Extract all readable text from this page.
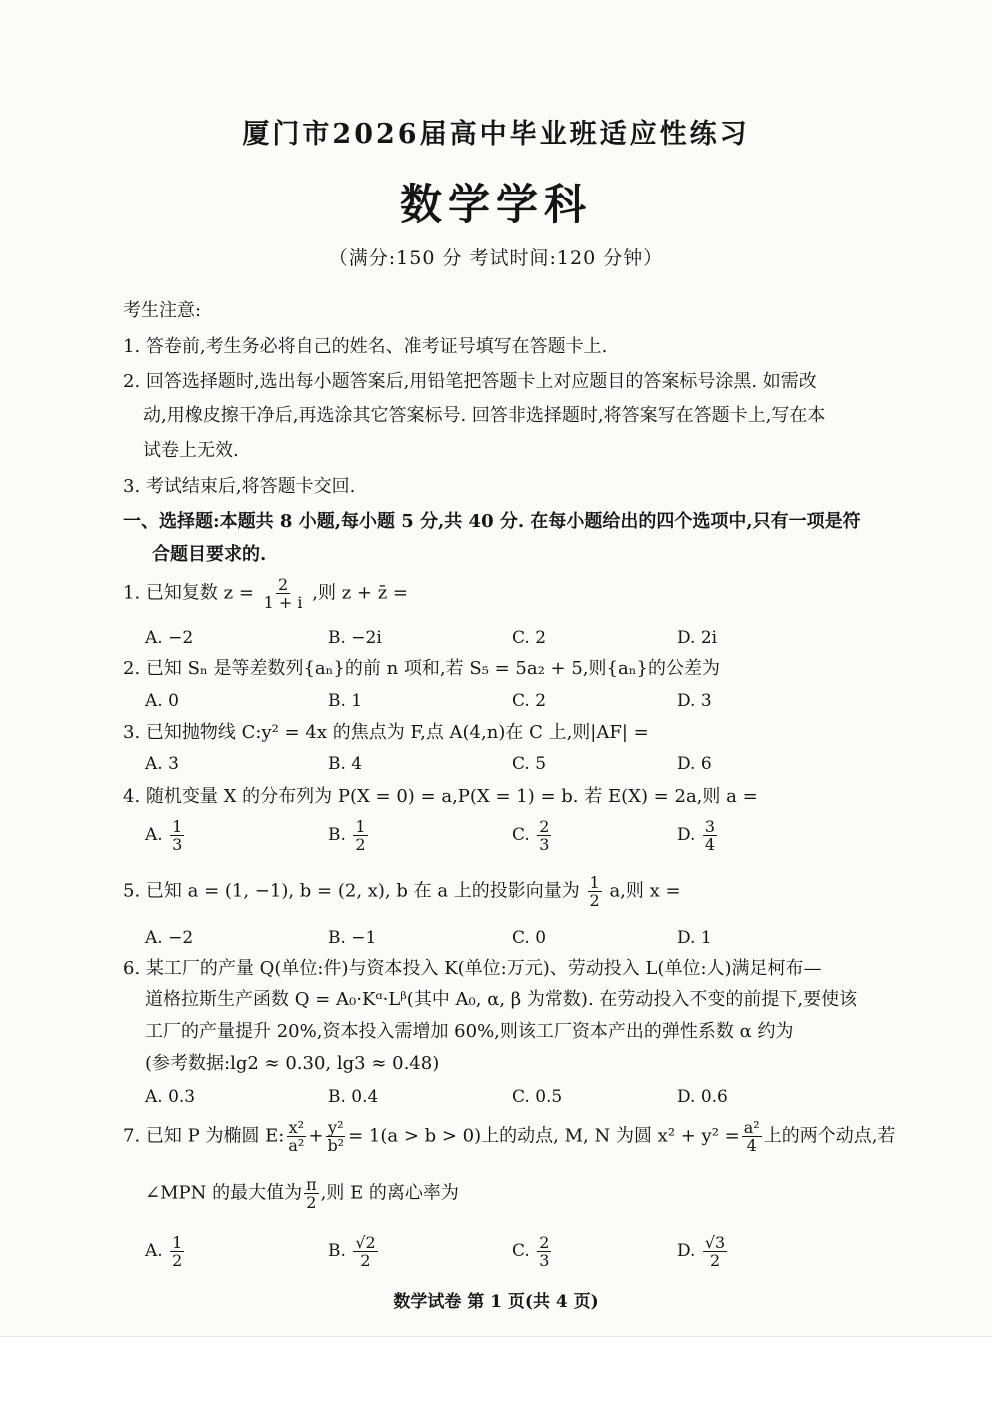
厦门市2026届高中毕业班适应性练习
数学学科
（满分:150 分 考试时间:120 分钟）
考生注意:
1. 答卷前,考生务必将自己的姓名、准考证号填写在答题卡上.
2. 回答选择题时,选出每小题答案后,用铅笔把答题卡上对应题目的答案标号涂黑. 如需改
动,用橡皮擦干净后,再选涂其它答案标号. 回答非选择题时,将答案写在答题卡上,写在本
试卷上无效.
3. 考试结束后,将答题卡交回.
一、选择题:本题共 8 小题,每小题 5 分,共 40 分. 在每小题给出的四个选项中,只有一项是符
合题目要求的.
1. 已知复数 $z = \frac{2}{1 + i}$ ,则 z + z̄ =
A. −2	B. −2i	C. 2	D. 2i
2. 已知 Sₙ 是等差数列{aₙ}的前 n 项和,若 S₅ = 5a₂ + 5,则{aₙ}的公差为
A. 0	B. 1	C. 2	D. 3
3. 已知抛物线 C:y² = 4x 的焦点为 F,点 A(4,n)在 C 上,则|AF| =
A. 3	B. 4	C. 5	D. 6
4. 随机变量 X 的分布列为 P(X = 0) = a,P(X = 1) = b. 若 E(X) = 2a,则 a =
A. $\frac{1}{3}$	B. $\frac{1}{2}$	C. $\frac{2}{3}$	D. $\frac{3}{4}$
5. 已知 a = (1, −1), b = (2, x), b 在 a 上的投影向量为 $\frac{1}{2} a$,则 x =
A. −2	B. −1	C. 0	D. 1
6. 某工厂的产量 Q(单位:件)与资本投入 K(单位:万元)、劳动投入 L(单位:人)满足柯布—
道格拉斯生产函数 Q = A₀·Kᵅ·Lᵝ(其中 A₀, α, β 为常数). 在劳动投入不变的前提下,要使该
工厂的产量提升 20%,资本投入需增加 60%,则该工厂资本产出的弹性系数 α 约为
(参考数据:lg2 ≈ 0.30, lg3 ≈ 0.48)
A. 0.3	B. 0.4	C. 0.5	D. 0.6
7. 已知 P 为椭圆 E: $\frac{\text{x²}}{\text{a²}} + \frac{\text{y²}}{\text{b²}} = 1(a > b > 0)$上的动点, M, N 为圆 $x^2 + y^2 = \frac{\text{a²}}{4}$ 上的两个动点,若
∠MPN 的最大值为 $\frac{\pi}{2}$ ,则 E 的离心率为
A. $\frac{1}{2}$	B. $\frac{√2}{2}$	C. $\frac{2}{3}$	D. $\frac{√3}{2}$
数学试卷 第 1 页(共 4 页)
